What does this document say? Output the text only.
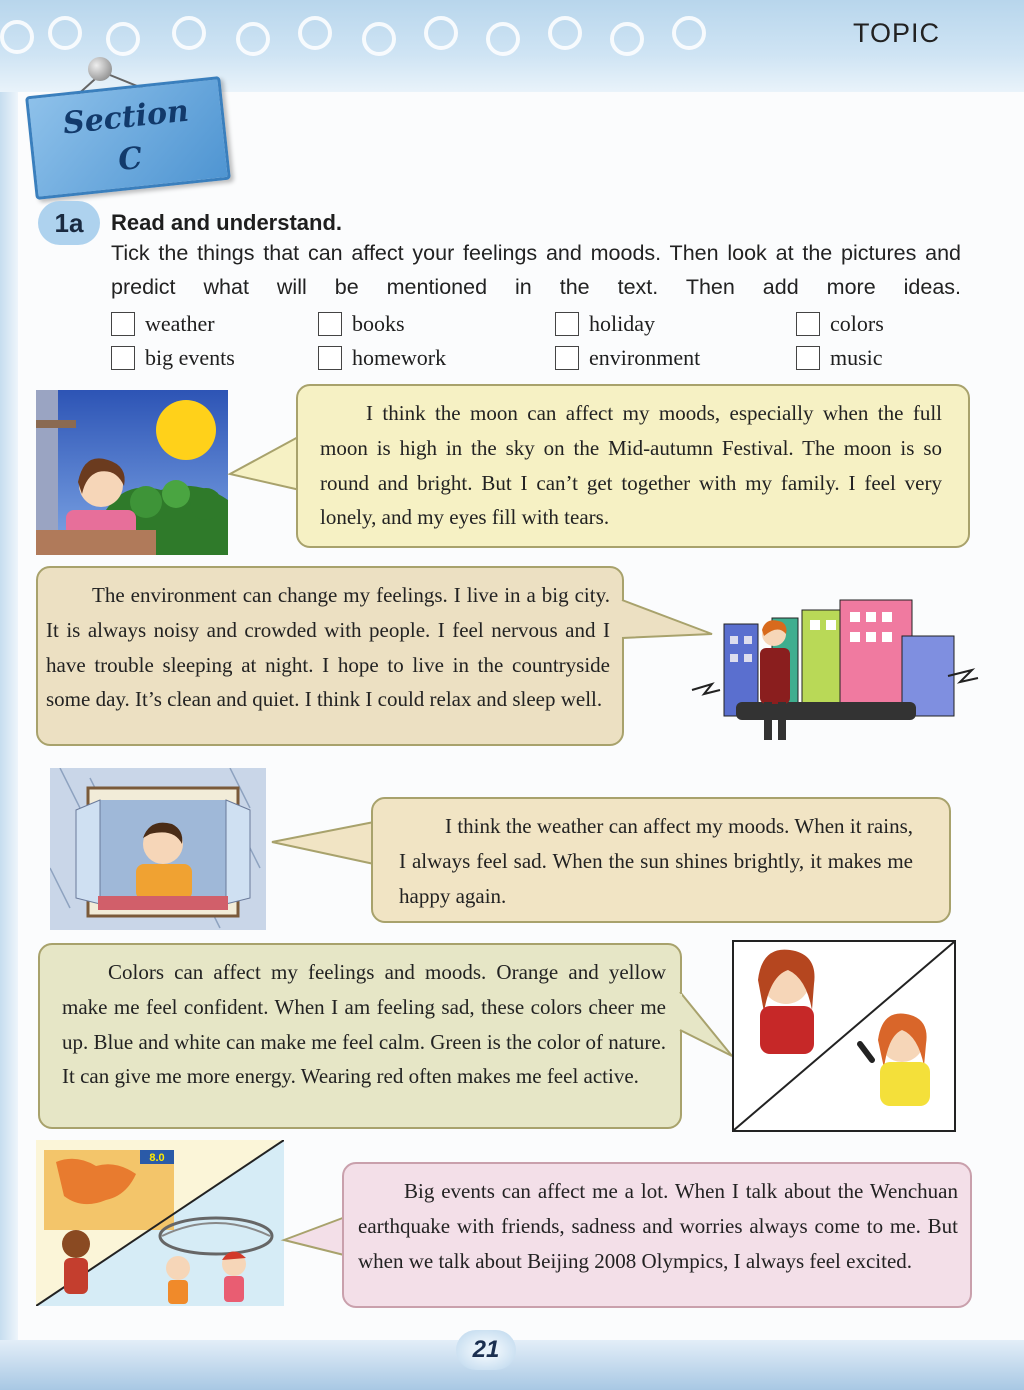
TOPIC
Section
C
1a	Read and understand.
Tick the things that can affect your feelings and moods. Then look at the pictures and predict what will be mentioned in the text. Then add more ideas.
weather	books	holiday	colors
big events	homework	environment	music
I think the moon can affect my moods, especially when the full moon is high in the sky on the Mid-autumn Festival. The moon is so round and bright. But I can’t get together with my family. I feel very lonely, and my eyes fill with tears.
The environment can change my feelings. I live in a big city. It is always noisy and crowded with people. I feel nervous and I have trouble sleeping at night. I hope to live in the countryside some day. It’s clean and quiet. I think I could relax and sleep well.
I think the weather can affect my moods. When it rains, I always feel sad. When the sun shines brightly, it makes me happy again.
Colors can affect my feelings and moods. Orange and yellow make me feel confident. When I am feeling sad, these colors cheer me up. Blue and white can make me feel calm. Green is the color of nature. It can give me more energy. Wearing red often makes me feel active.
8.0
Big events can affect me a lot. When I talk about the Wenchuan earthquake with friends, sadness and worries always come to me. But when we talk about Beijing 2008 Olympics, I always feel excited.
21
